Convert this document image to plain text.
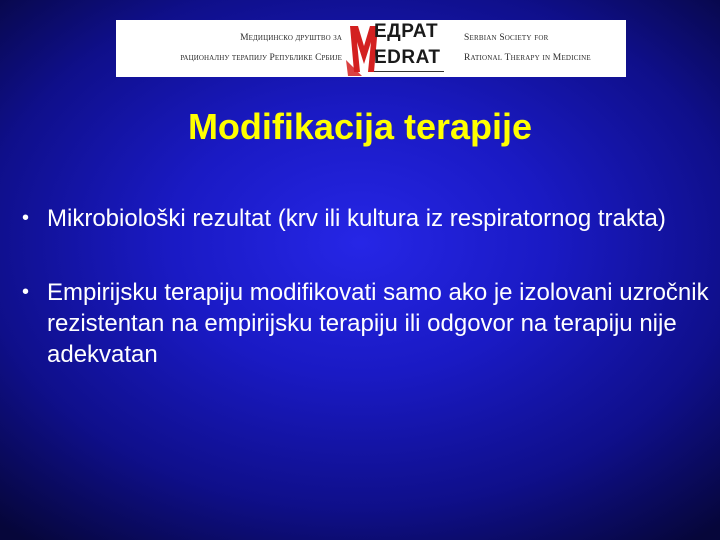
Медицинско друштво за
рационалну терапију Републике Србије
ЕДРАТ
EDRAT
Serbian Society for
Rational Therapy in Medicine
Modifikacija terapije
• Mikrobiološki rezultat (krv ili kultura iz respiratornog trakta)
• Empirijsku terapiju modifikovati samo ako je izolovani uzročnik rezistentan na empirijsku terapiju ili odgovor na terapiju nije adekvatan
